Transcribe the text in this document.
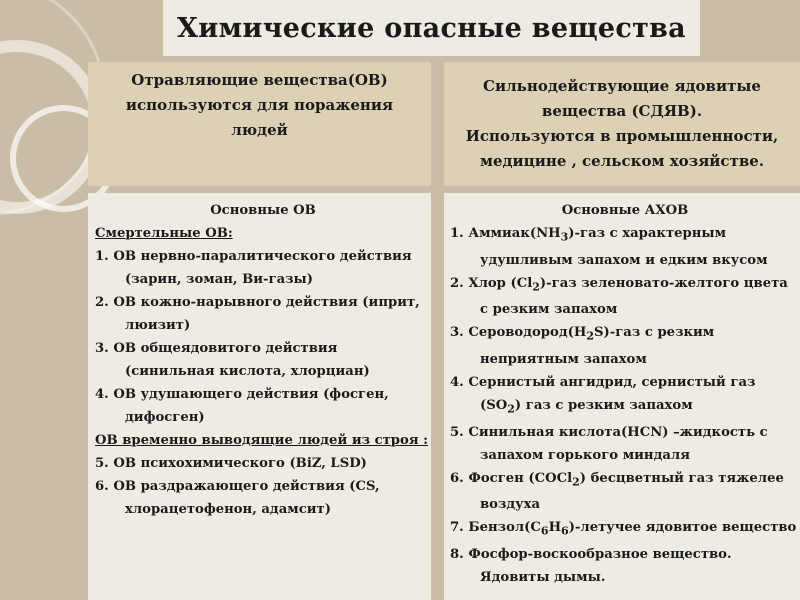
Химические опасные вещества
Отравляющие вещества(ОВ) используются для поражения людей
Сильнодействующие ядовитые вещества (СДЯВ).
Используются в промышленности, медицине , сельском хозяйстве.
Основные ОВ
Смертельные ОВ:
1. ОВ нервно-паралитического действия (зарин, зоман, Ви-газы)
2. ОВ кожно-нарывного действия (иприт, люизит)
3. ОВ общеядовитого действия (синильная кислота, хлорциан)
4. ОВ удушающего действия (фосген, дифосген)
ОВ временно выводящие людей из строя :
5. ОВ психохимического (BiZ, LSD)
6. ОВ раздражающего действия (CS, хлорацетофенон, адамсит)
Основные АХОВ
1. $Аммиак(NH_3)$-газ с характерным удушливым запахом и едким вкусом
2. Хлор $(Cl_2)$-газ зеленовато-желтого цвета с резким запахом
3. $Сероводород(H_2S)$-газ с резким неприятным запахом
4. Сернистый ангидрид, сернистый газ $(SO_2)$ газ с резким запахом
5. Синильная кислота(HCN) –жидкость с запахом горького миндаля
6. Фосген (COCl$_2$) бесцветный газ тяжелее воздуха
7. $Бензол(C_6H_6)$-летучее ядовитое вещество
8. Фосфор-воскообразное вещество. Ядовиты дымы.
